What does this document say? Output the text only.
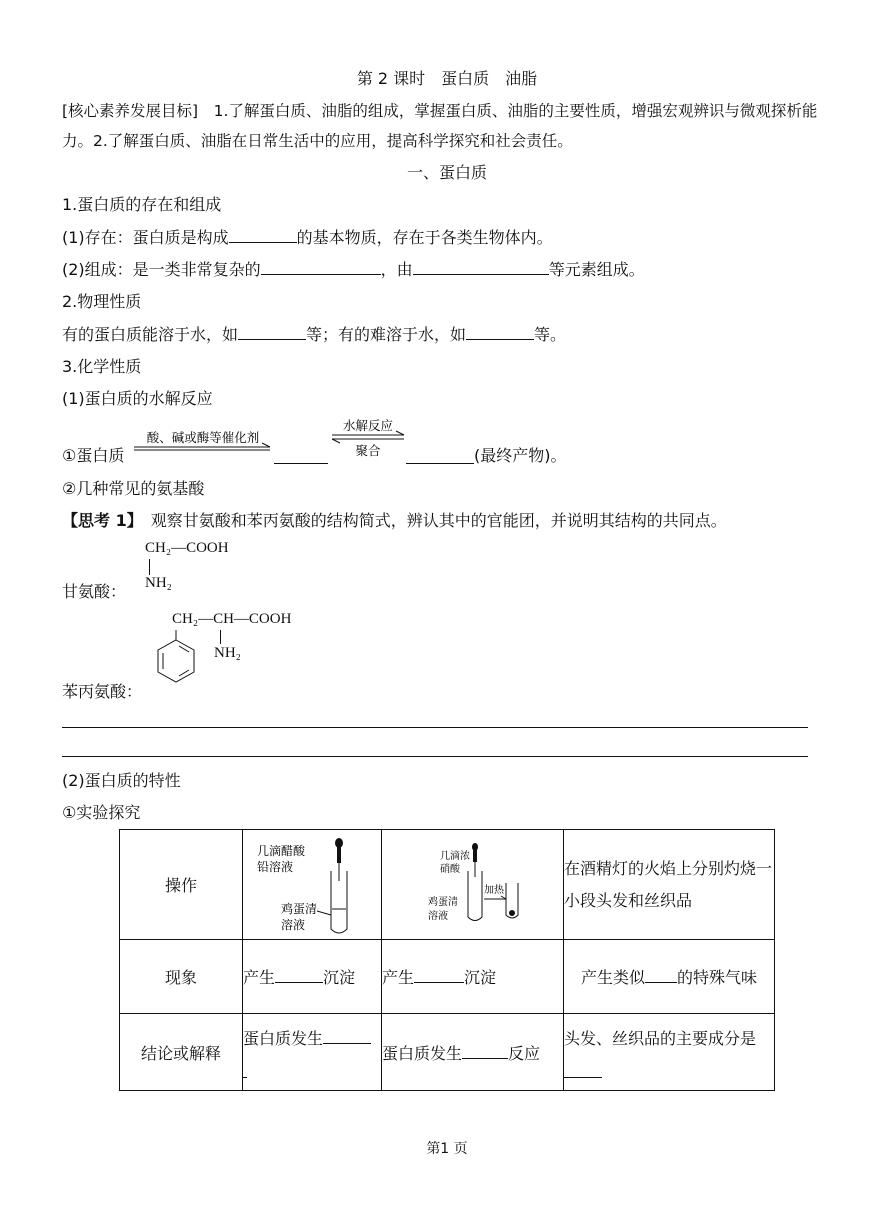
第 2 课时　蛋白质　油脂
[核心素养发展目标]　1.了解蛋白质、油脂的组成，掌握蛋白质、油脂的主要性质，增强宏观辨识与微观探析能力。2.了解蛋白质、油脂在日常生活中的应用，提高科学探究和社会责任。
一、蛋白质
1.蛋白质的存在和组成
(1)存在：蛋白质是构成	的基本物质，存在于各类生物体内。
(2)组成：是一类非常复杂的	，由	等元素组成。
2.物理性质
有的蛋白质能溶于水，如	等；有的难溶于水，如	等。
3.化学性质
(1)蛋白质的水解反应
①蛋白质
酸、碱或酶等催化剂
水解反应
聚合	(最终产物)。
②几种常见的氨基酸
【思考 1】　 观察甘氨酸和苯丙氨酸的结构简式，辨认其中的官能团，并说明其结构的共同点。
CH₂—COOH
NH₂
甘氨酸：
CH₂—CH—COOH
NH₂
苯丙氨酸：
(2)蛋白质的特性
①实验探究
操作	几滴醋酸
铅溶液
鸡蛋清
溶液	几滴浓
硝酸
鸡蛋清
溶液
加热	在酒精灯的火焰上分别灼烧一小段头发和丝织品
现象	产生 沉淀	产生 沉淀	产生类似 的特殊气味
结论或解释	蛋白质发生	蛋白质发生 反应	头发、丝织品的主要成分是

第1 页
